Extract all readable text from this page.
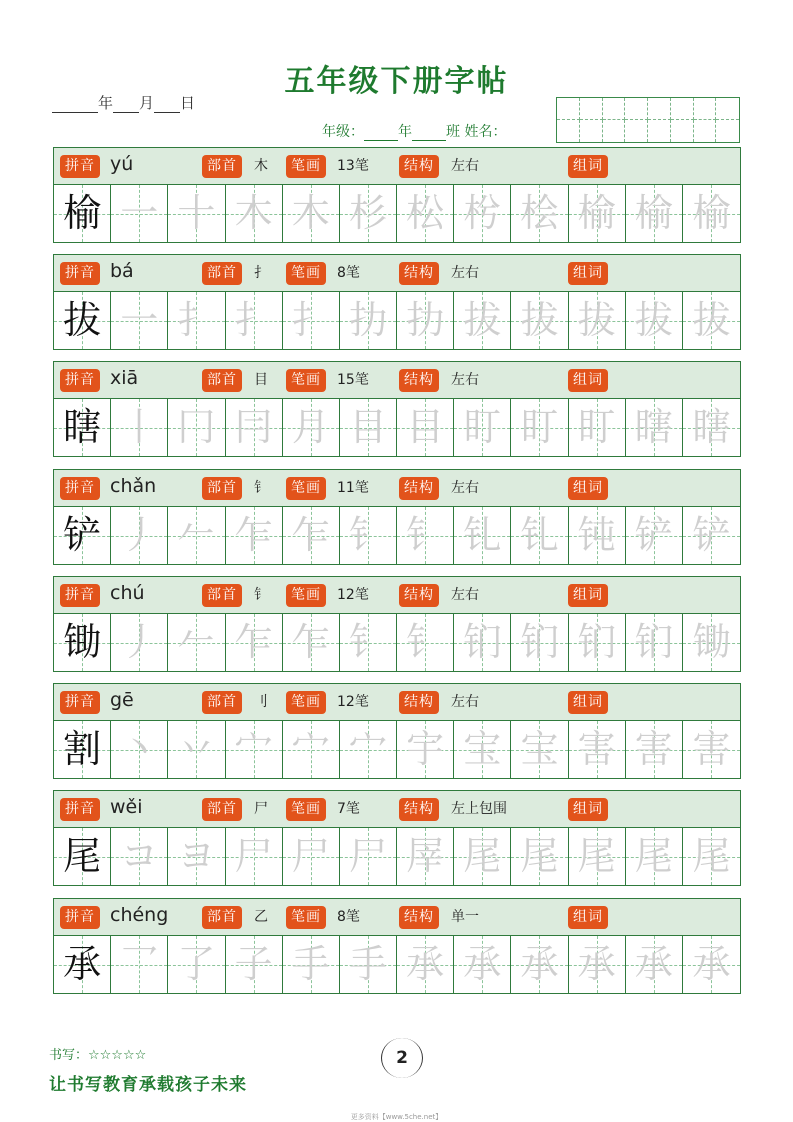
五年级下册字帖
年 月 日
年级： 年 班 姓名：
拼音 yú	部首	木	笔画	13笔	结构	左右	组词
榆 一 十 木 木 杉 松 枍 桧 榆 榆 榆
拼音 bá	部首	扌	笔画	8笔	结构	左右	组词
拔 一 扌 扌 扌 扐 扐 拔 拔 拔 拔 拔
拼音 xiā	部首	目	笔画	15笔	结构	左右	组词
瞎 丨 冂 冃 月 目 目 盯 盯 盯 瞎 瞎
拼音 chǎn	部首	钅	笔画	11笔	结构	左右	组词
铲 丿 𠂉 乍 乍 钅 钅 钆 钆 钝 铲 铲
拼音 chú	部首	钅	笔画	12笔	结构	左右	组词
锄 丿 𠂉 乍 乍 钅 钅 钔 钔 钔 钔 锄
拼音 gē	部首	刂	笔画	12笔	结构	左右	组词
割 丶 丷 宀 宀 宀 宇 宝 宝 害 害 害
拼音 wěi	部首	尸	笔画	7笔	结构	左上包围	组词
尾 コ ヨ 尸 尸 尸 屖 尾 尾 尾 尾 尾
拼音 chéng	部首	乙	笔画	8笔	结构	单一	组词
承 乛 了 子 手 手 承 承 承 承 承 承
书写：☆☆☆☆☆	2
让书写教育承载孩子未来
更多资料【www.5che.net】
